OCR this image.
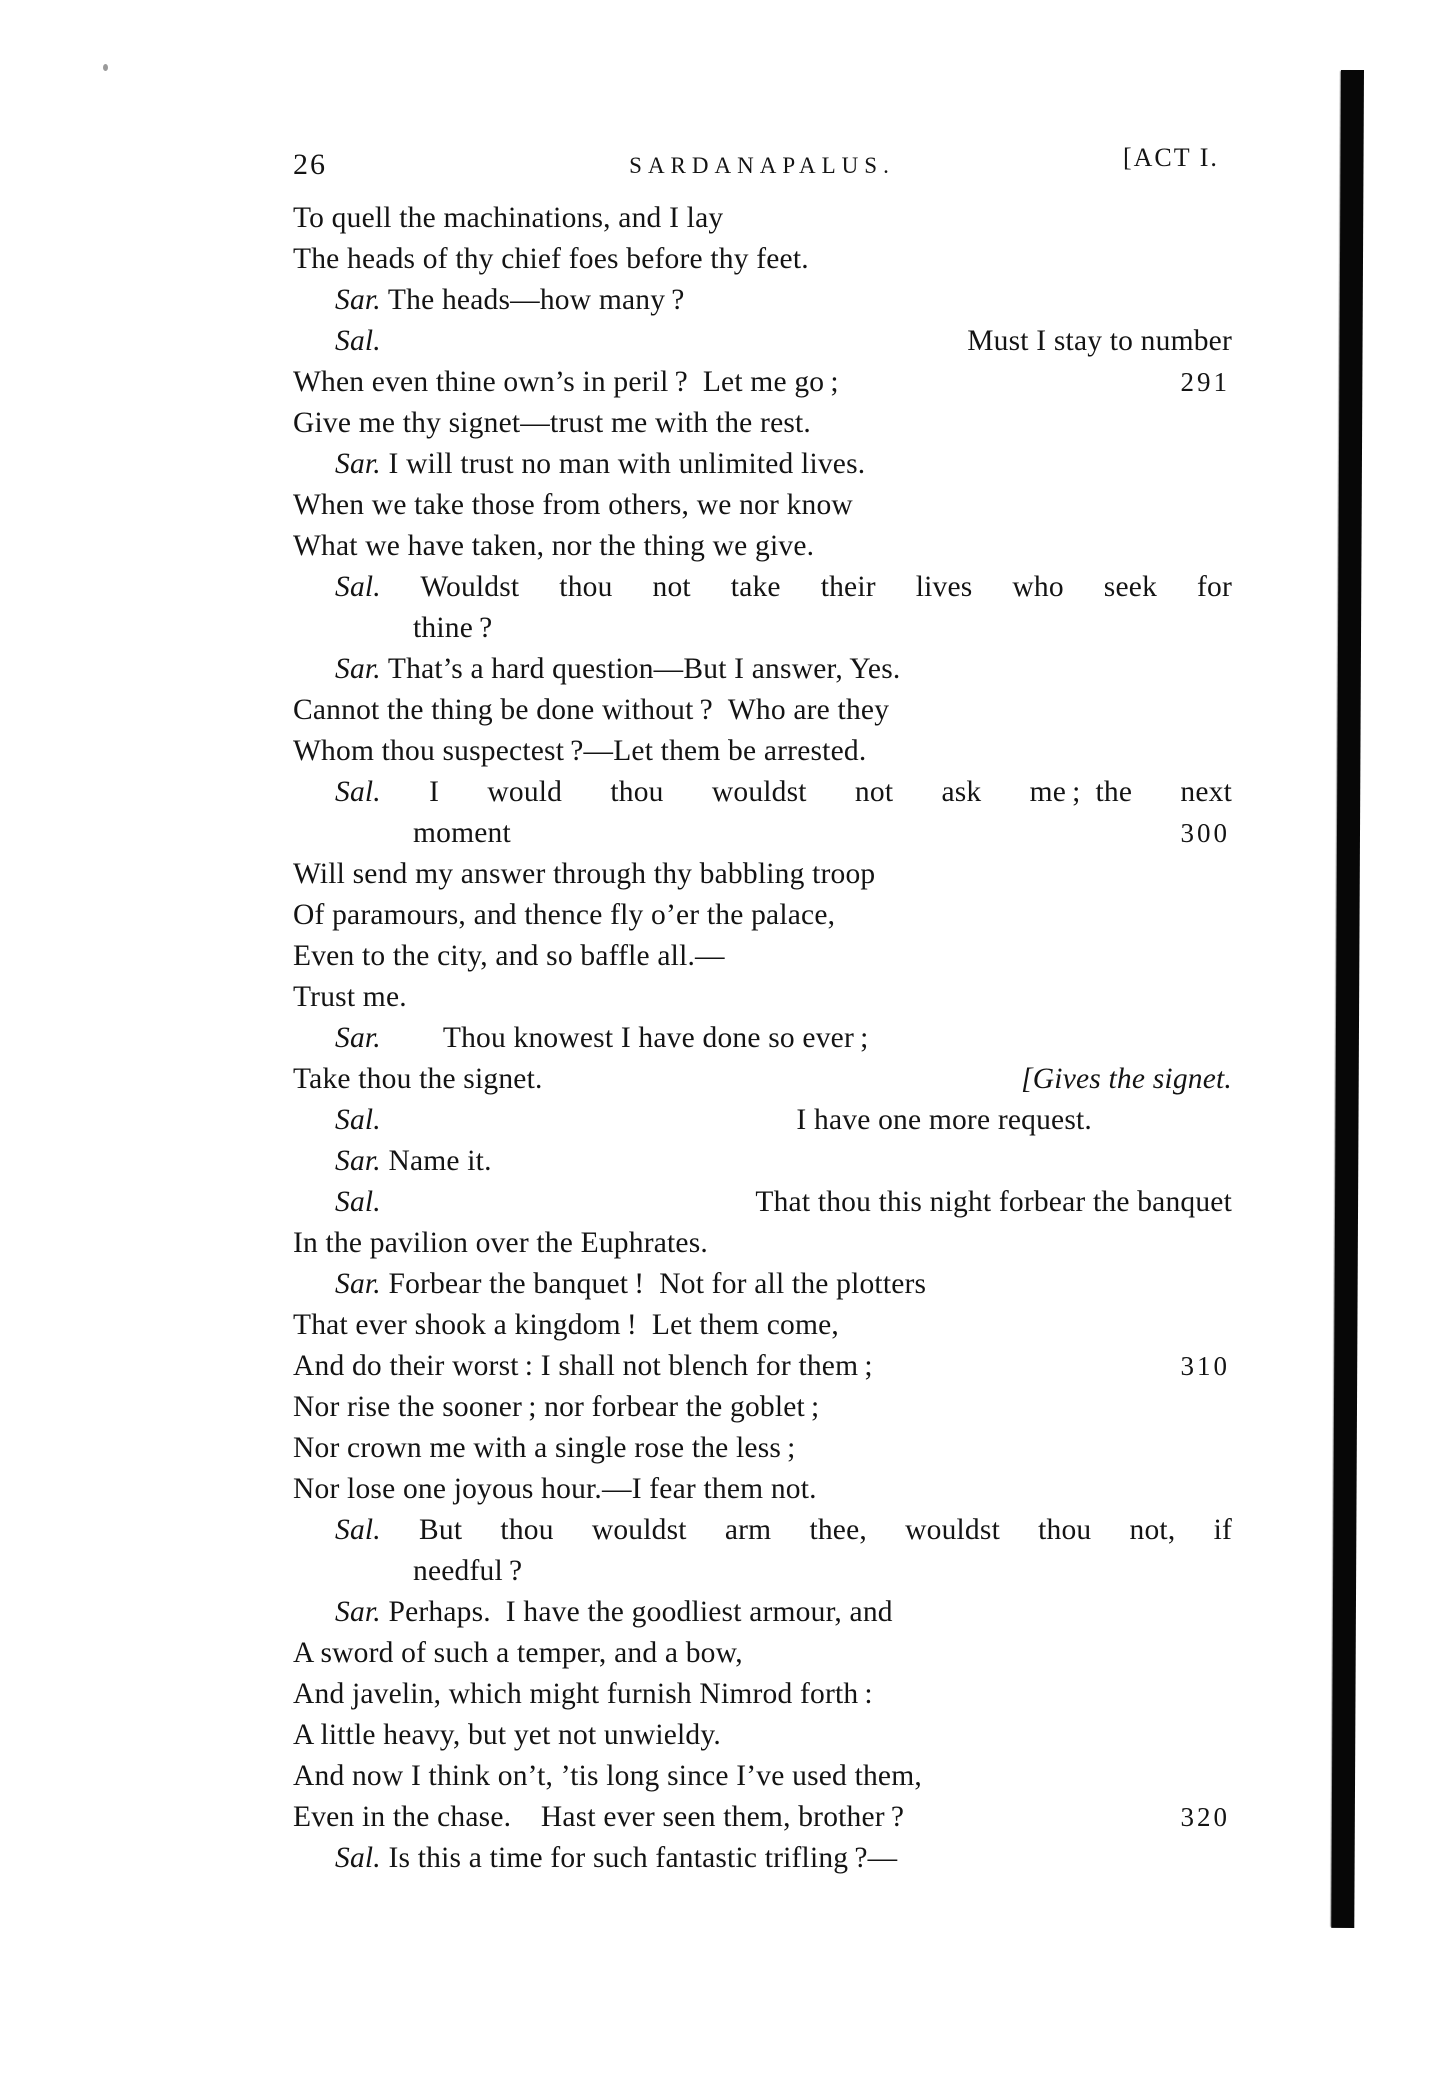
26	SARDANAPALUS.	[ACT I.
To quell the machinations, and I lay
The heads of thy chief foes before thy feet.
Sar. The heads—how many ?
Sal.	Must I stay to number
When even thine own’s in peril ? Let me go ;	291
Give me thy signet—trust me with the rest.
Sar. I will trust no man with unlimited lives.
When we take those from others, we nor know
What we have taken, nor the thing we give.
Sal. Wouldst thou not take their lives who seek for
thine ?
Sar. That’s a hard question—But I answer, Yes.
Cannot the thing be done without ? Who are they
Whom thou suspectest ?—Let them be arrested.
Sal. I would thou wouldst not ask me ; the next
moment	300
Will send my answer through thy babbling troop
Of paramours, and thence fly o’er the palace,
Even to the city, and so baffle all.—
Trust me.
Sar. Thou knowest I have done so ever ;
Take thou the signet.	[Gives the signet.
Sal.	I have one more request.
Sar. Name it.
Sal.	That thou this night forbear the banquet
In the pavilion over the Euphrates.
Sar. Forbear the banquet ! Not for all the plotters
That ever shook a kingdom ! Let them come,
And do their worst : I shall not blench for them ;	310
Nor rise the sooner ; nor forbear the goblet ;
Nor crown me with a single rose the less ;
Nor lose one joyous hour.—I fear them not.
Sal. But thou wouldst arm thee, wouldst thou not, if
needful ?
Sar. Perhaps. I have the goodliest armour, and
A sword of such a temper, and a bow,
And javelin, which might furnish Nimrod forth :
A little heavy, but yet not unwieldy.
And now I think on’t, ’tis long since I’ve used them,
Even in the chase. Hast ever seen them, brother ?	320
Sal. Is this a time for such fantastic trifling ?—
